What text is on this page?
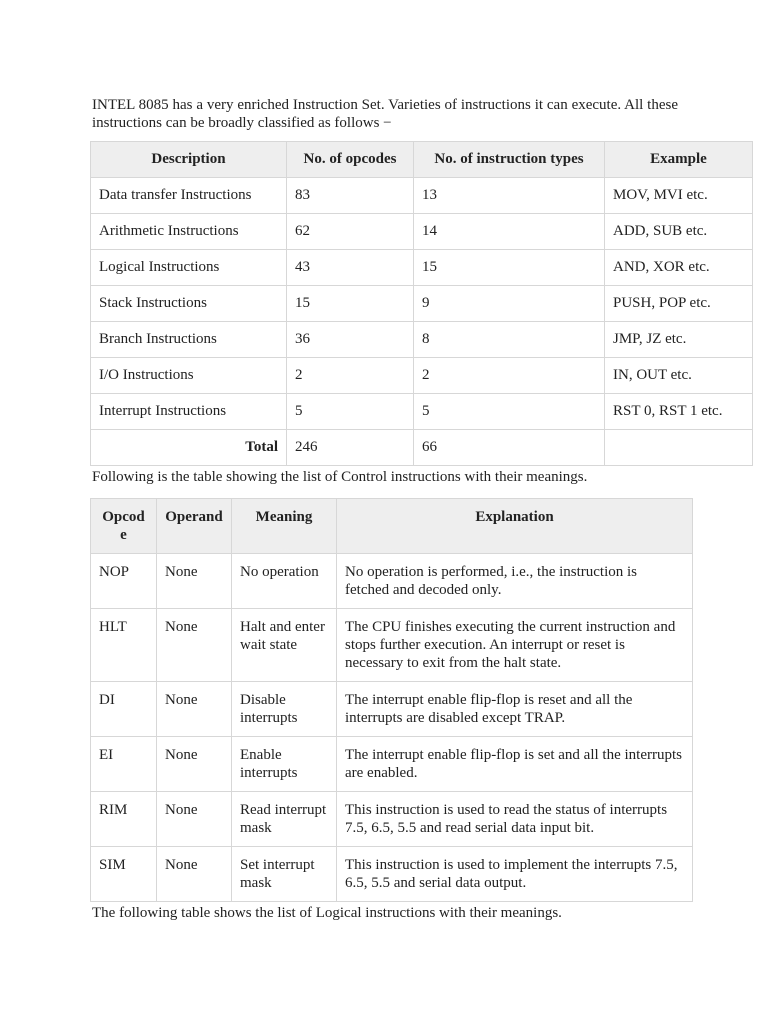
INTEL 8085 has a very enriched Instruction Set. Varieties of instructions it can execute. All these instructions can be broadly classified as follows −

Description	No. of opcodes	No. of instruction types	Example
Data transfer Instructions	83	13	MOV, MVI etc.
Arithmetic Instructions	62	14	ADD, SUB etc.
Logical Instructions	43	15	AND, XOR etc.
Stack Instructions	15	9	PUSH, POP etc.
Branch Instructions	36	8	JMP, JZ etc.
I/O Instructions	2	2	IN, OUT etc.
Interrupt Instructions	5	5	RST 0, RST 1 etc.
Total	246	66	

Following is the table showing the list of Control instructions with their meanings.

Opcode	Operand	Meaning	Explanation
NOP	None	No operation	No operation is performed, i.e., the instruction is fetched and decoded only.
HLT	None	Halt and enter wait state	The CPU finishes executing the current instruction and stops further execution. An interrupt or reset is necessary to exit from the halt state.
DI	None	Disable interrupts	The interrupt enable flip-flop is reset and all the interrupts are disabled except TRAP.
EI	None	Enable interrupts	The interrupt enable flip-flop is set and all the interrupts are enabled.
RIM	None	Read interrupt mask	This instruction is used to read the status of interrupts 7.5, 6.5, 5.5 and read serial data input bit.
SIM	None	Set interrupt mask	This instruction is used to implement the interrupts 7.5, 6.5, 5.5 and serial data output.

The following table shows the list of Logical instructions with their meanings.
